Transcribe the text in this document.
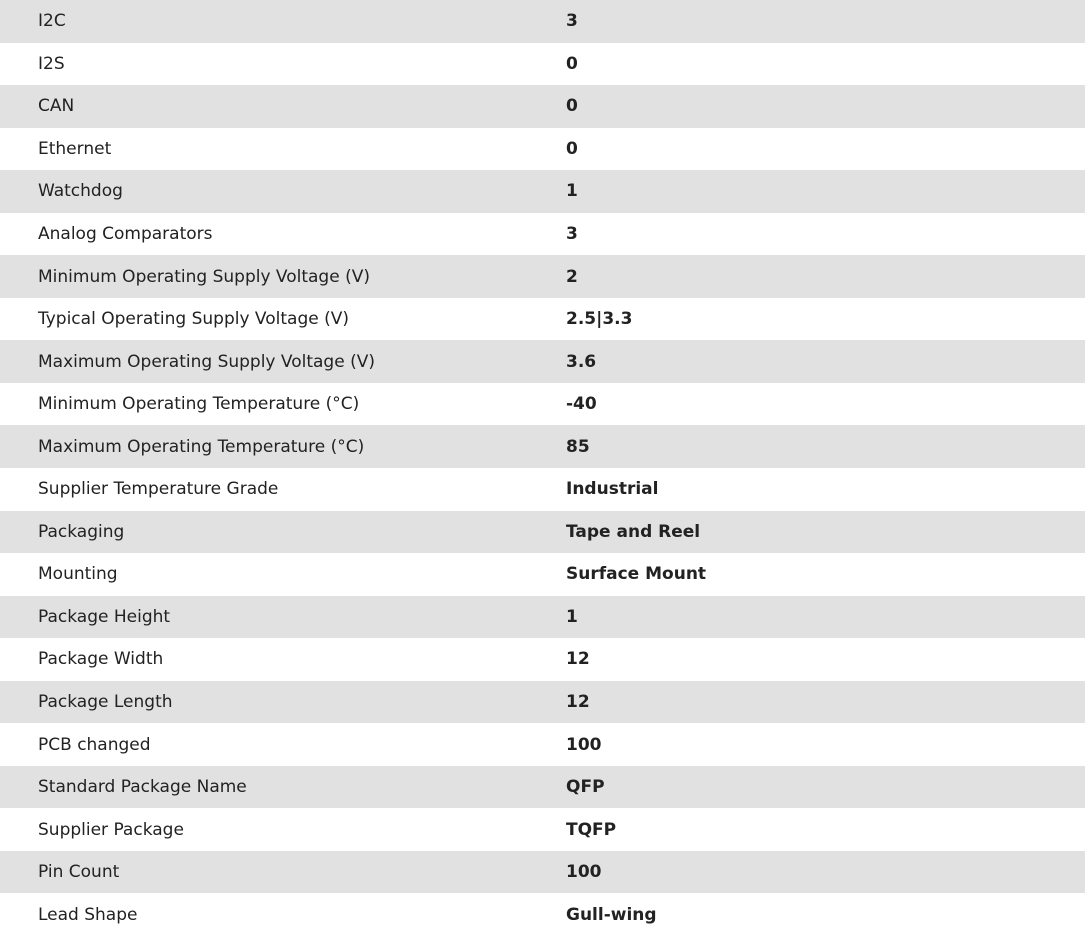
I2C	3
I2S	0
CAN	0
Ethernet	0
Watchdog	1
Analog Comparators	3
Minimum Operating Supply Voltage (V)	2
Typical Operating Supply Voltage (V)	2.5|3.3
Maximum Operating Supply Voltage (V)	3.6
Minimum Operating Temperature (°C)	-40
Maximum Operating Temperature (°C)	85
Supplier Temperature Grade	Industrial
Packaging	Tape and Reel
Mounting	Surface Mount
Package Height	1
Package Width	12
Package Length	12
PCB changed	100
Standard Package Name	QFP
Supplier Package	TQFP
Pin Count	100
Lead Shape	Gull-wing
